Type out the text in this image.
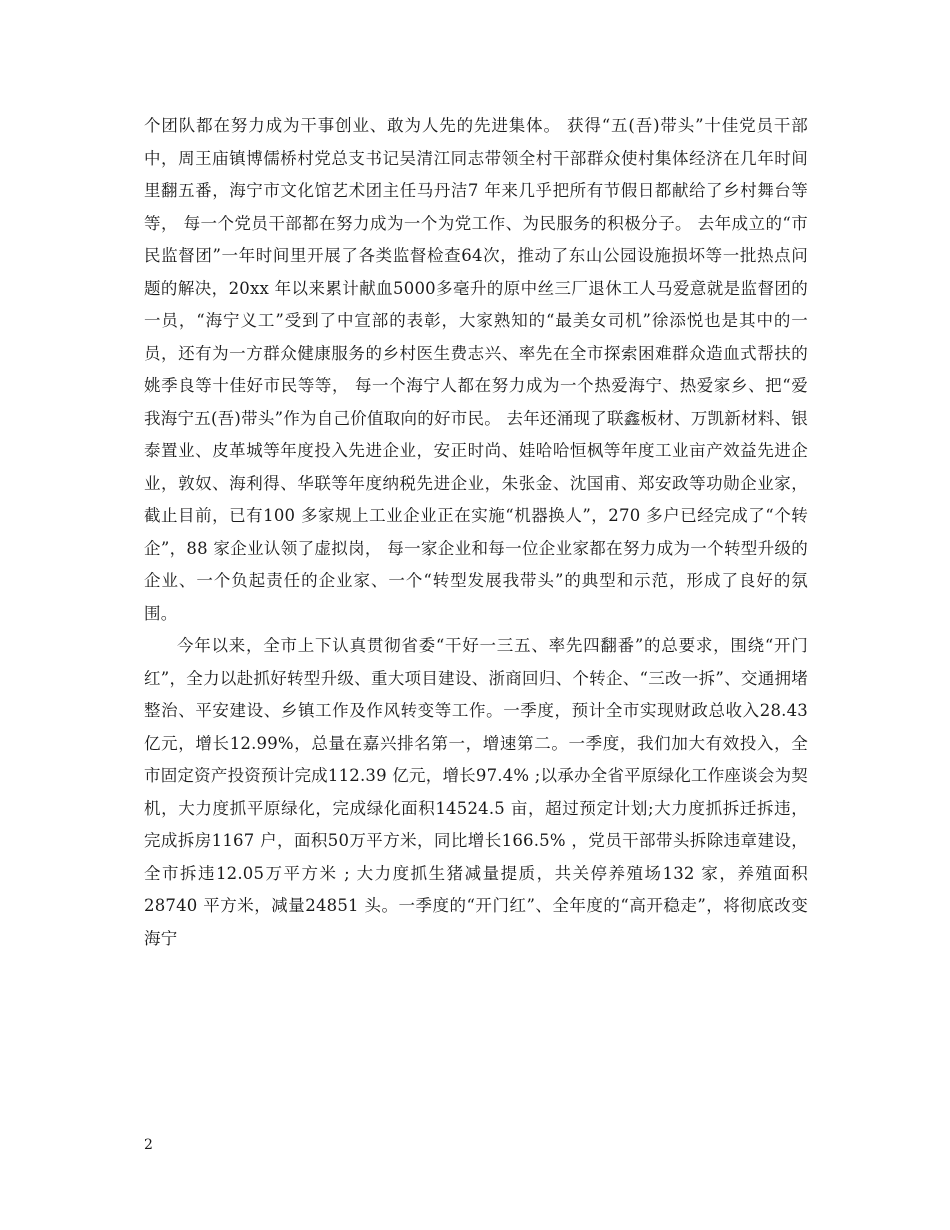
个团队都在努力成为干事创业、敢为人先的先进集体。 获得“五(吾)带头”十佳党员干部中，周王庙镇博儒桥村党总支书记吴清江同志带领全村干部群众使村集体经济在几年时间里翻五番，海宁市文化馆艺术团主任马丹洁7 年来几乎把所有节假日都献给了乡村舞台等等， 每一个党员干部都在努力成为一个为党工作、为民服务的积极分子。 去年成立的“市民监督团”一年时间里开展了各类监督检查64次，推动了东山公园设施损坏等一批热点问题的解决，20xx 年以来累计献血5000多毫升的原中丝三厂退休工人马爱意就是监督团的一员，“海宁义工”受到了中宣部的表彰，大家熟知的“最美女司机”徐添悦也是其中的一员，还有为一方群众健康服务的乡村医生费志兴、率先在全市探索困难群众造血式帮扶的姚季良等十佳好市民等等， 每一个海宁人都在努力成为一个热爱海宁、热爱家乡、把“爱我海宁五(吾)带头”作为自己价值取向的好市民。 去年还涌现了联鑫板材、万凯新材料、银泰置业、皮革城等年度投入先进企业，安正时尚、娃哈哈恒枫等年度工业亩产效益先进企业，敦奴、海利得、华联等年度纳税先进企业，朱张金、沈国甫、郑安政等功勋企业家，截止目前，已有100 多家规上工业企业正在实施“机器换人”，270 多户已经完成了“个转企”，88 家企业认领了虚拟岗， 每一家企业和每一位企业家都在努力成为一个转型升级的企业、一个负起责任的企业家、一个“转型发展我带头”的典型和示范，形成了良好的氛围。

今年以来，全市上下认真贯彻省委“干好一三五、率先四翻番”的总要求，围绕“开门红”，全力以赴抓好转型升级、重大项目建设、浙商回归、个转企、“三改一拆”、交通拥堵整治、平安建设、乡镇工作及作风转变等工作。一季度，预计全市实现财政总收入28.43 亿元，增长12.99%，总量在嘉兴排名第一，增速第二。一季度，我们加大有效投入，全市固定资产投资预计完成112.39 亿元，增长97.4% ;以承办全省平原绿化工作座谈会为契机，大力度抓平原绿化，完成绿化面积14524.5 亩，超过预定计划;大力度抓拆迁拆违，完成拆房1167 户，面积50万平方米，同比增长166.5% ，党员干部带头拆除违章建设，全市拆违12.05万平方米 ; 大力度抓生猪减量提质，共关停养殖场132 家，养殖面积28740 平方米，减量24851 头。一季度的“开门红”、全年度的“高开稳走”，将彻底改变海宁

2
